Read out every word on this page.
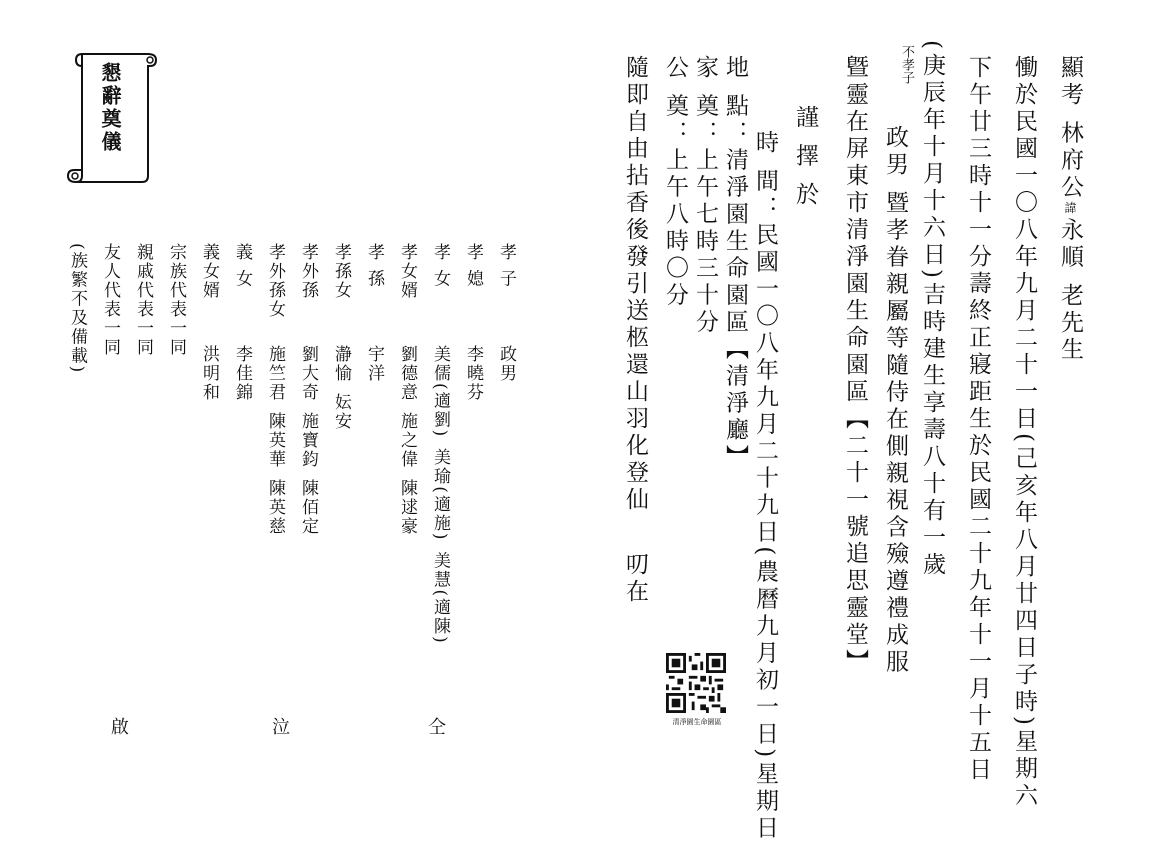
懇辭奠儀	顯考 林府公諱永順 老先生
慟於民國一〇八年九月二十一日(己亥年八月廿四日子時)星期六
下午廿三時十一分壽終正寢距生於民國二十九年十一月十五日
(庚辰年十月十六日)吉時建生享壽八十有一歲
不孝子
政男 暨孝眷親屬等隨侍在側親視含殮遵禮成服
曁靈在屏東市清淨園生命園區【二十一號追思靈堂】
謹 擇 於
時 間：民國一〇八年九月二十九日(農曆九月初一日)星期日
地 點：清淨園生命園區【清淨廳】
家 奠：上午七時三十分
公 奠：上午八時〇分
隨即自由拈香後發引送柩還山羽化登仙叨在
清淨園生命園區
孝 子
政男
孝 媳
李曉芬
孝 女
美儒(適劉)美瑜(適施)美慧(適陳)
孝女婿
劉德意施之偉陳逑豪
孝 孫
宇洋
孝孫女
瀞愉妘安
孝外孫
劉大奇施寶鈞陳佰定
孝外孫女
施竺君陳英華陳英慈
義 女
李佳錦
義女婿
洪明和
宗族代表一同
親戚代表一同
友人代表一同
(族繁不及備載)
仝
泣
啟
